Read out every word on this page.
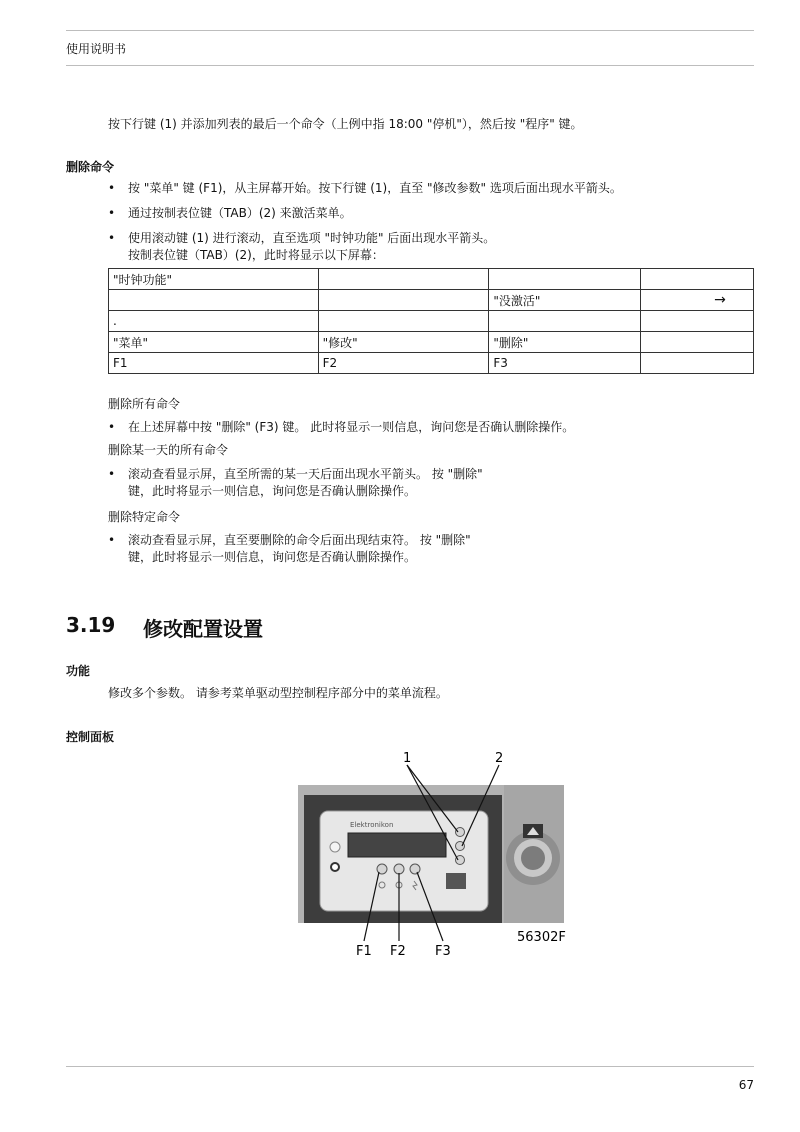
使用说明书
按下行键 (1) 并添加列表的最后一个命令（上例中指 18:00 "停机"），然后按 "程序" 键。
删除命令
• 按 "菜单" 键 (F1)，从主屏幕开始。按下行键 (1)，直至 "修改参数" 选项后面出现水平箭头。
• 通过按制表位键（TAB）(2) 来激活菜单。
• 使用滚动键 (1) 进行滚动，直至选项 "时钟功能" 后面出现水平箭头。
按制表位键（TAB）(2)，此时将显示以下屏幕：
"时钟功能"			
		"没激活"	→
.			
"菜单"	"修改"	"删除"	
F1	F2	F3	
删除所有命令
• 在上述屏幕中按 "删除" (F3) 键。 此时将显示一则信息，询问您是否确认删除操作。
删除某一天的所有命令
• 滚动查看显示屏，直至所需的某一天后面出现水平箭头。 按 "删除"
键，此时将显示一则信息，询问您是否确认删除操作。
删除特定命令
• 滚动查看显示屏，直至要删除的命令后面出现结束符。 按 "删除"
键，此时将显示一则信息，询问您是否确认删除操作。
3.19 修改配置设置
功能
修改多个参数。 请参考菜单驱动型控制程序部分中的菜单流程。
控制面板
Elektronikon
1	2
F1 F2 F3
56302F
67
